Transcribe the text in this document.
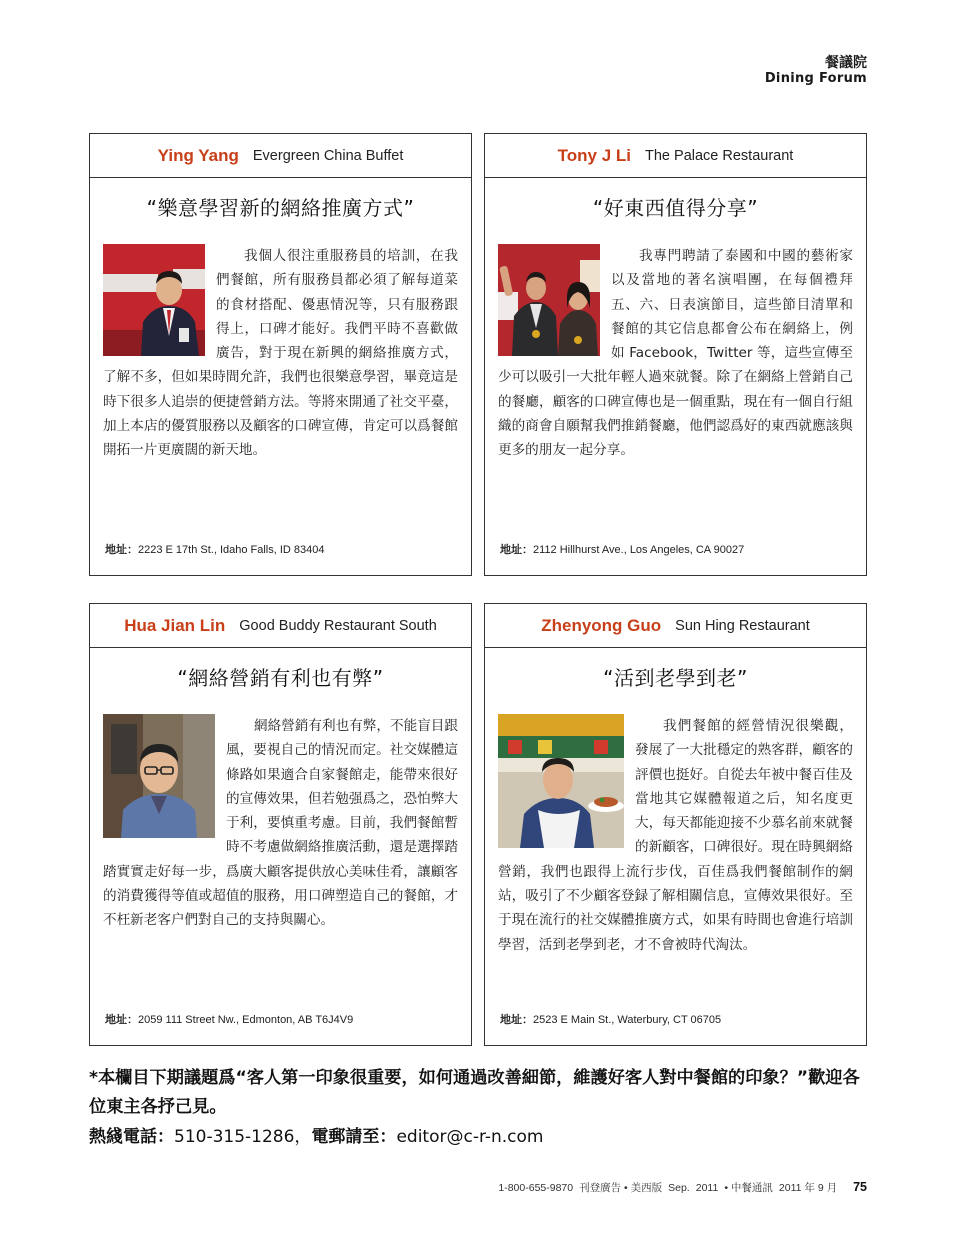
餐議院
Dining Forum
Ying Yang Evergreen China Buffet
“樂意學習新的網絡推廣方式”
我個人很注重服務員的培訓，在我們餐館，所有服務員都必須了解每道菜的食材搭配、優惠情況等，只有服務跟得上，口碑才能好。我們平時不喜歡做廣告，對于現在新興的網絡推廣方式，了解不多，但如果時間允許，我們也很樂意學習，畢竟這是時下很多人追崇的便捷營銷方法。等將來開通了社交平臺，加上本店的優質服務以及顧客的口碑宣傳，肯定可以爲餐館開拓一片更廣闊的新天地。
地址：2223 E 17th St., Idaho Falls, ID 83404
Tony J Li The Palace Restaurant
“好東西值得分享”
我專門聘請了泰國和中國的藝術家以及當地的著名演唱團，在每個禮拜五、六、日表演節目，這些節目清單和餐館的其它信息都會公布在網絡上，例如 Facebook，Twitter 等，這些宣傳至少可以吸引一大批年輕人過來就餐。除了在網絡上營銷自己的餐廳，顧客的口碑宣傳也是一個重點，現在有一個自行組織的商會自願幫我們推銷餐廳，他們認爲好的東西就應該與更多的朋友一起分享。
地址：2112 Hillhurst Ave., Los Angeles, CA 90027
Hua Jian Lin Good Buddy Restaurant South
“網絡營銷有利也有弊”
網絡營銷有利也有弊，不能盲目跟風，要視自己的情況而定。社交媒體這條路如果適合自家餐館走，能帶來很好的宣傳效果，但若勉强爲之，恐怕弊大于利，要慎重考慮。目前，我們餐館暫時不考慮做網絡推廣活動，還是選擇踏踏實實走好每一步，爲廣大顧客提供放心美味佳肴，讓顧客的消費獲得等值或超值的服務，用口碑塑造自己的餐館，才不枉新老客户們對自己的支持與關心。
地址：2059 111 Street Nw., Edmonton, AB T6J4V9
Zhenyong Guo Sun Hing Restaurant
“活到老學到老”
我們餐館的經營情況很樂觀，發展了一大批穩定的熟客群，顧客的評價也挺好。自從去年被中餐百佳及當地其它媒體報道之后，知名度更大，每天都能迎接不少慕名前來就餐的新顧客，口碑很好。現在時興網絡營銷，我們也跟得上流行步伐，百佳爲我們餐館制作的網站，吸引了不少顧客登録了解相關信息，宣傳效果很好。至于現在流行的社交媒體推廣方式，如果有時間也會進行培訓學習，活到老學到老，才不會被時代淘汰。
地址：2523 E Main St., Waterbury, CT 06705
*本欄目下期議題爲“客人第一印象很重要，如何通過改善細節，維護好客人對中餐館的印象？”歡迎各位東主各抒己見。
熱綫電話：510-315-1286，電郵請至：editor@c-r-n.com
1-800-655-9870 刊登廣告 • 美西版 Sep. 2011 • 中餐通訊 2011 年 9 月 75
